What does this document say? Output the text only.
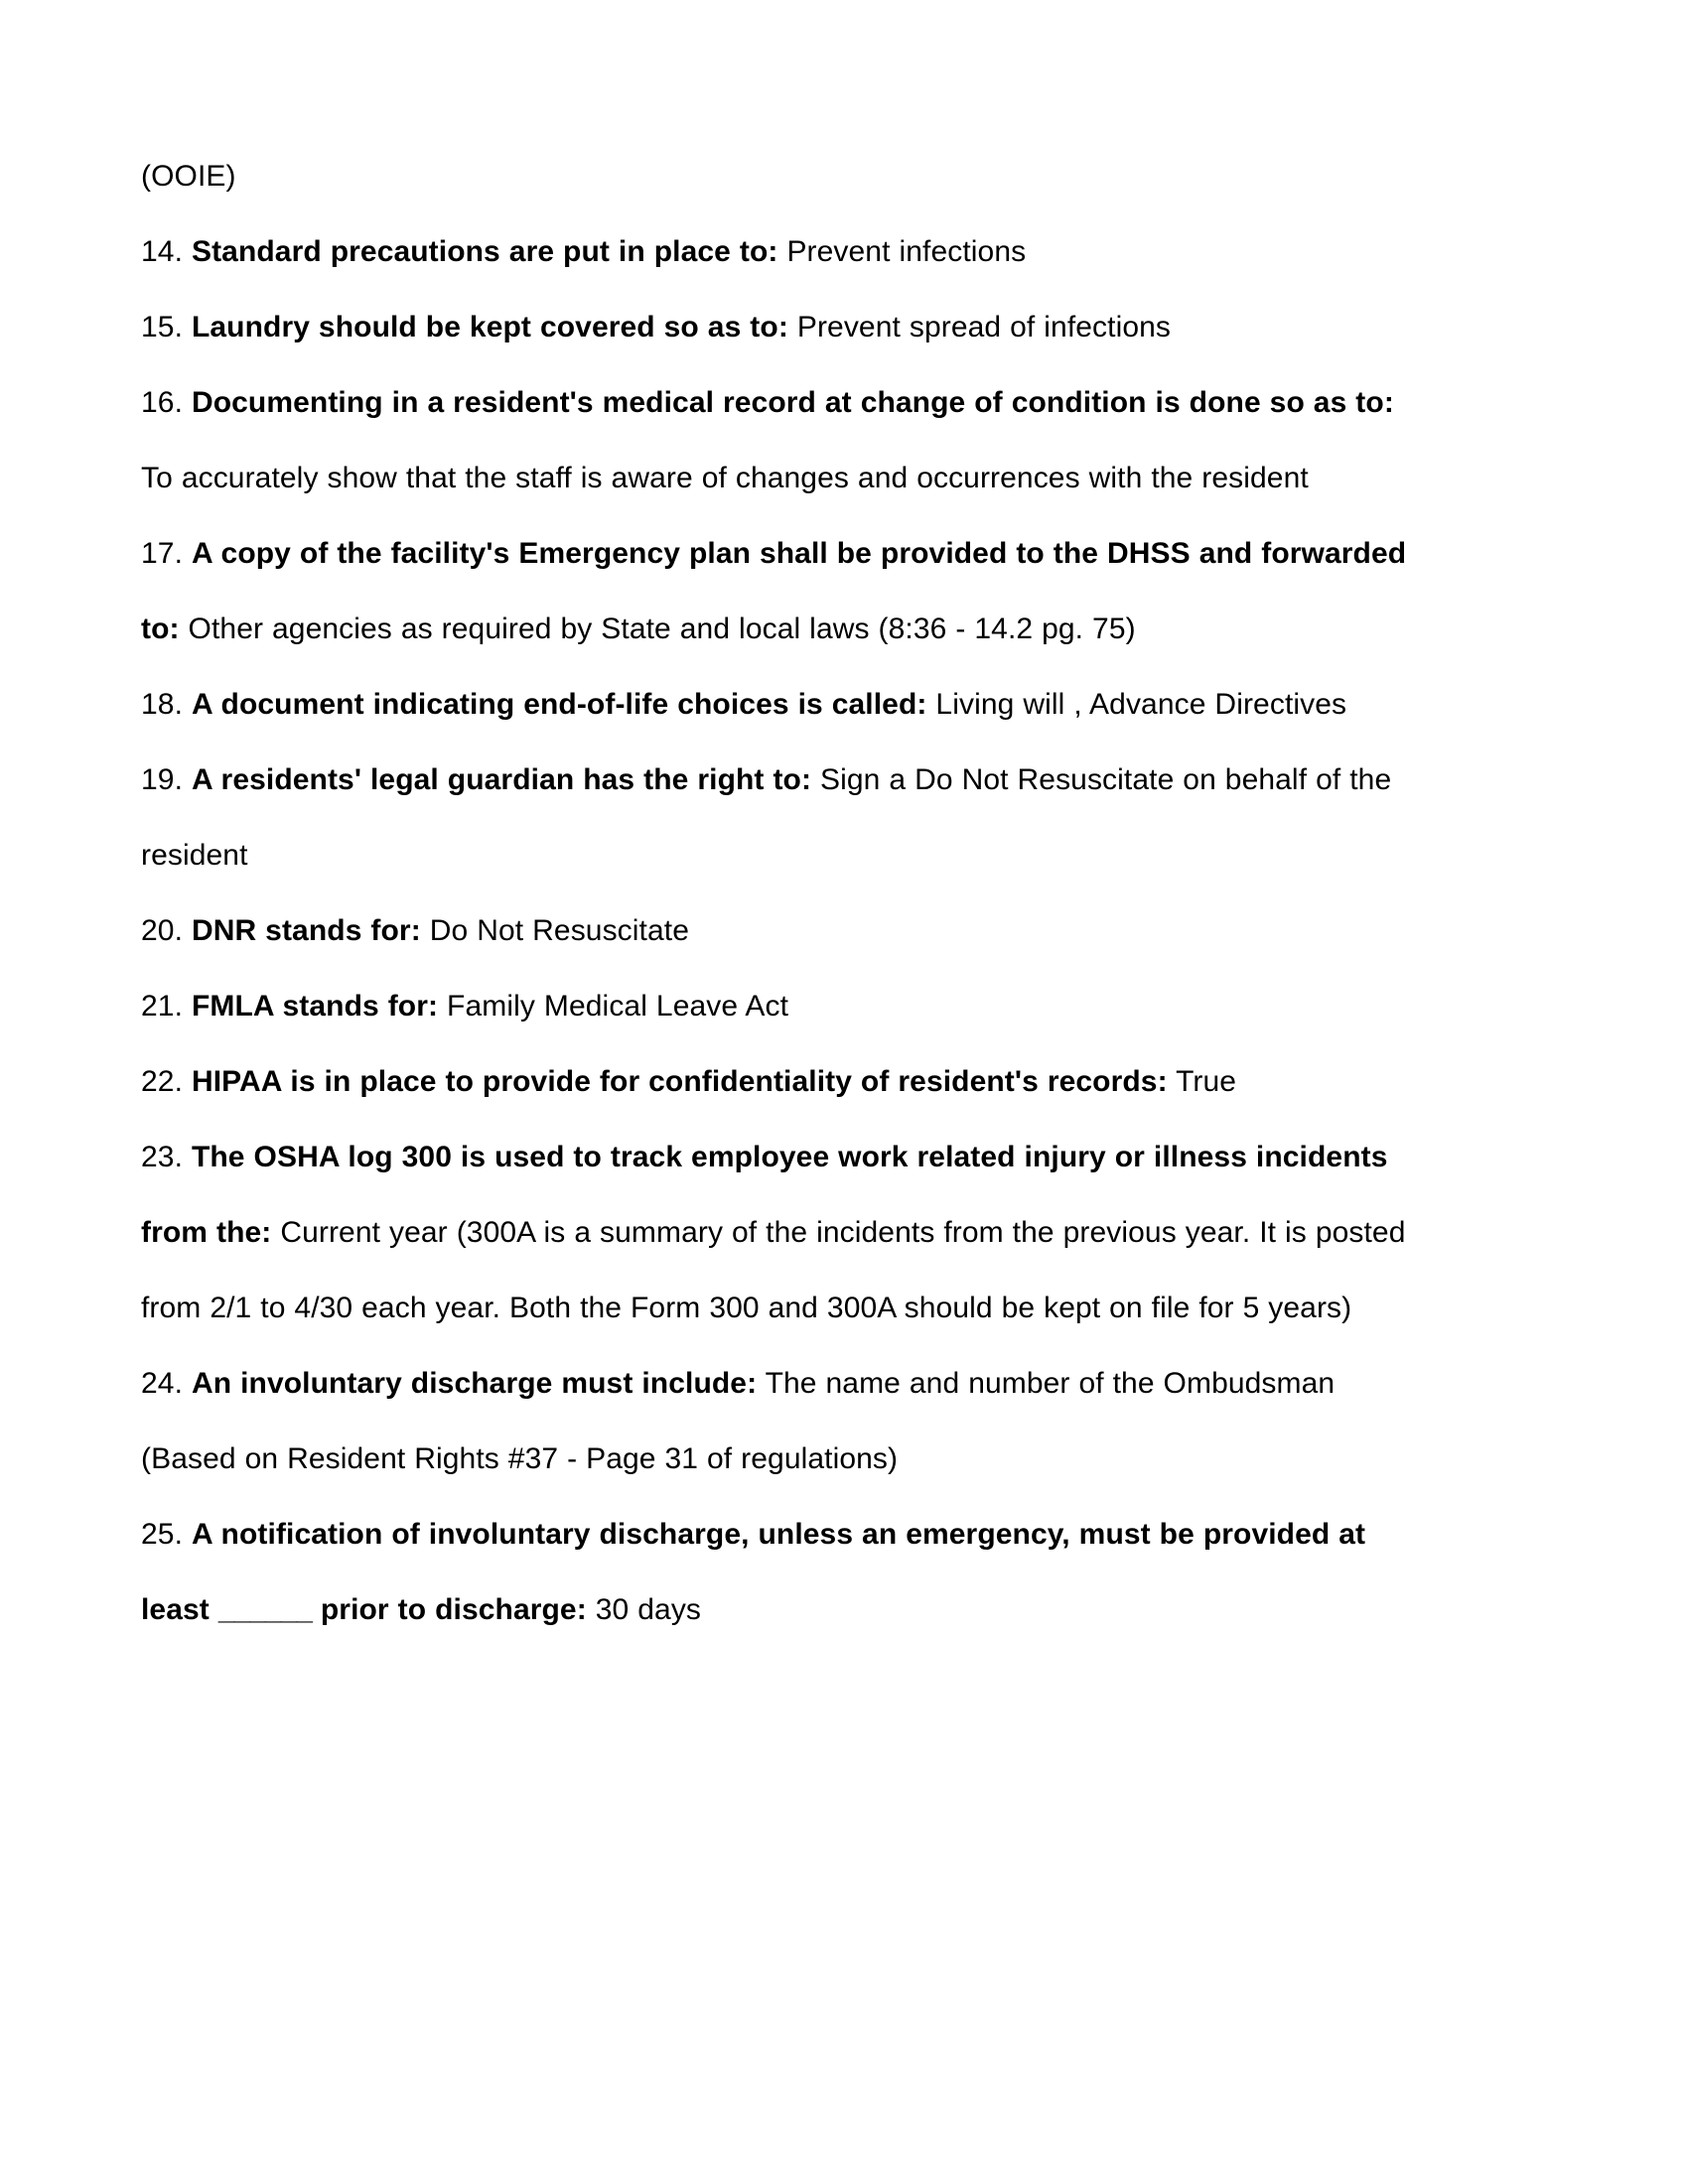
(OOIE)

14. Standard precautions are put in place to: Prevent infections

15. Laundry should be kept covered so as to: Prevent spread of infections

16. Documenting in a resident's medical record at change of condition is done so as to: To accurately show that the staff is aware of changes and occurrences with the resident

17. A copy of the facility's Emergency plan shall be provided to the DHSS and forwarded to: Other agencies as required by State and local laws (8:36 - 14.2 pg. 75)

18. A document indicating end-of-life choices is called: Living will , Advance Directives

19. A residents' legal guardian has the right to: Sign a Do Not Resuscitate on behalf of the resident

20. DNR stands for: Do Not Resuscitate

21. FMLA stands for: Family Medical Leave Act

22. HIPAA is in place to provide for confidentiality of resident's records: True

23. The OSHA log 300 is used to track employee work related injury or illness incidents from the: Current year (300A is a summary of the incidents from the previous year. It is posted from 2/1 to 4/30 each year. Both the Form 300 and 300A should be kept on file for 5 years)

24. An involuntary discharge must include: The name and number of the Ombudsman (Based on Resident Rights #37 - Page 31 of regulations)

25. A notification of involuntary discharge, unless an emergency, must be provided at least ______ prior to discharge: 30 days
